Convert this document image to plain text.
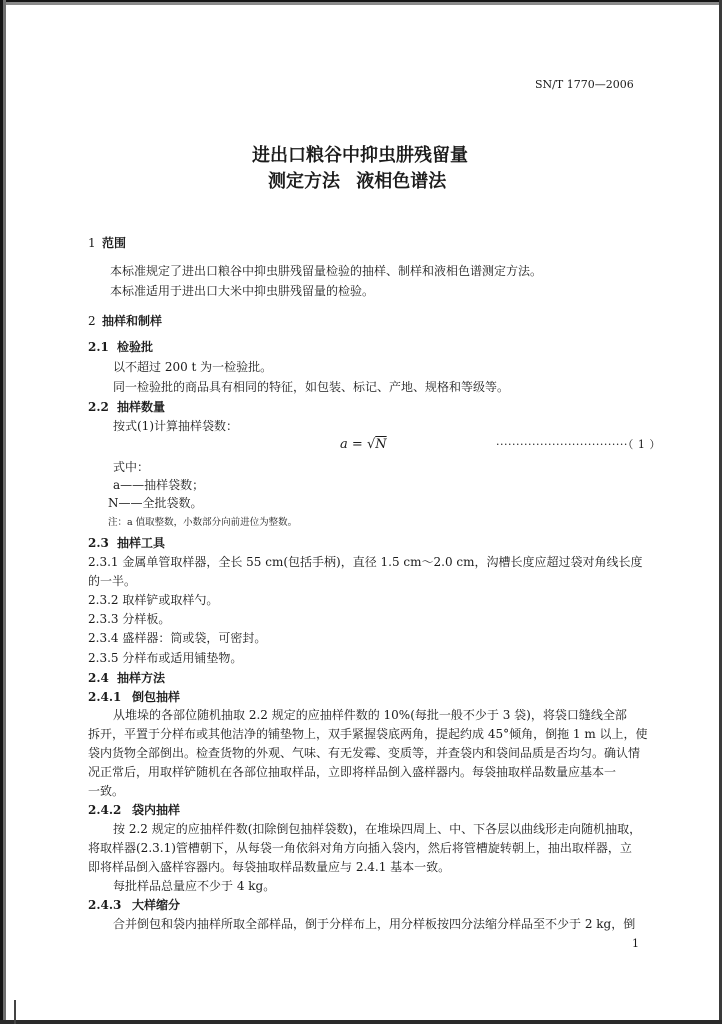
SN/T 1770—2006
进出口粮谷中抑虫肼残留量
测定方法 液相色谱法
1 范围
本标准规定了进出口粮谷中抑虫肼残留量检验的抽样、制样和液相色谱测定方法。
本标准适用于进出口大米中抑虫肼残留量的检验。
2 抽样和制样
2.1 检验批
以不超过 200 t 为一检验批。
同一检验批的商品具有相同的特征，如包装、标记、产地、规格和等级等。
2.2 抽样数量
按式(1)计算抽样袋数：
a = √N	·································（ 1 ）
式中：
a——抽样袋数；
N——全批袋数。
注：a 值取整数，小数部分向前进位为整数。
2.3 抽样工具
2.3.1 金属单管取样器，全长 55 cm(包括手柄)，直径 1.5 cm～2.0 cm，沟槽长度应超过袋对角线长度
的一半。
2.3.2 取样铲或取样勺。
2.3.3 分样板。
2.3.4 盛样器：筒或袋，可密封。
2.3.5 分样布或适用铺垫物。
2.4 抽样方法
2.4.1 倒包抽样
从堆垛的各部位随机抽取 2.2 规定的应抽样件数的 10%(每批一般不少于 3 袋)，将袋口缝线全部
拆开，平置于分样布或其他洁净的铺垫物上，双手紧握袋底两角，提起约成 45°倾角，倒拖 1 m 以上，使
袋内货物全部倒出。检查货物的外观、气味、有无发霉、变质等，并查袋内和袋间品质是否均匀。确认情
况正常后，用取样铲随机在各部位抽取样品，立即将样品倒入盛样器内。每袋抽取样品数量应基本一
一致。
2.4.2 袋内抽样
按 2.2 规定的应抽样件数(扣除倒包抽样袋数)，在堆垛四周上、中、下各层以曲线形走向随机抽取，
将取样器(2.3.1)管槽朝下，从每袋一角依斜对角方向插入袋内，然后将管槽旋转朝上，抽出取样器，立
即将样品倒入盛样容器内。每袋抽取样品数量应与 2.4.1 基本一致。
每批样品总量应不少于 4 kg。
2.4.3 大样缩分
合并倒包和袋内抽样所取全部样品，倒于分样布上，用分样板按四分法缩分样品至不少于 2 kg，倒
1
